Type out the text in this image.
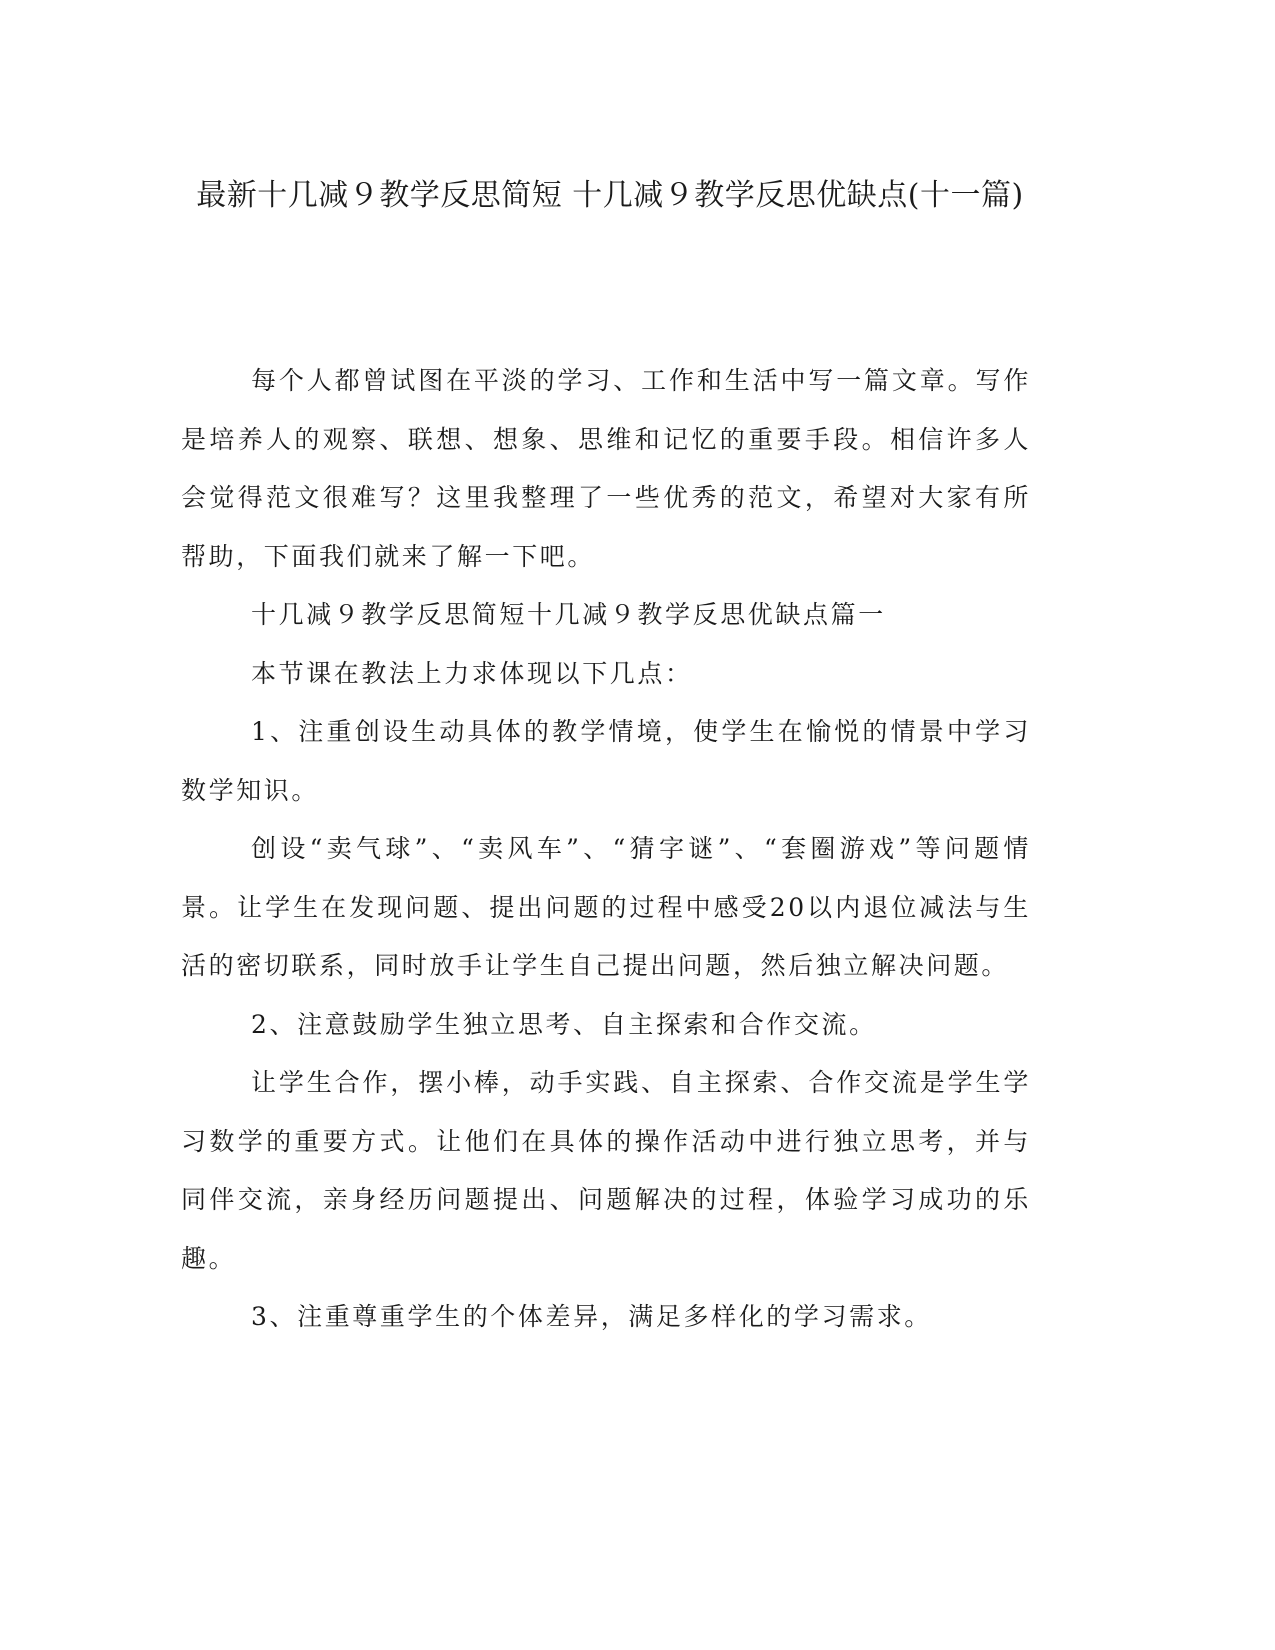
最新十几减９教学反思简短 十几减９教学反思优缺点(十一篇)

每个人都曾试图在平淡的学习、工作和生活中写一篇文章。写作是培养人的观察、联想、想象、思维和记忆的重要手段。相信许多人会觉得范文很难写？这里我整理了一些优秀的范文，希望对大家有所帮助，下面我们就来了解一下吧。

十几减９教学反思简短十几减９教学反思优缺点篇一

本节课在教法上力求体现以下几点：

1、注重创设生动具体的教学情境，使学生在愉悦的情景中学习数学知识。

创设“卖气球”、“卖风车”、“猜字谜”、“套圈游戏”等问题情景。让学生在发现问题、提出问题的过程中感受20以内退位减法与生活的密切联系，同时放手让学生自己提出问题，然后独立解决问题。

2、注意鼓励学生独立思考、自主探索和合作交流。

让学生合作，摆小棒，动手实践、自主探索、合作交流是学生学习数学的重要方式。让他们在具体的操作活动中进行独立思考，并与同伴交流，亲身经历问题提出、问题解决的过程，体验学习成功的乐趣。

3、注重尊重学生的个体差异，满足多样化的学习需求。
